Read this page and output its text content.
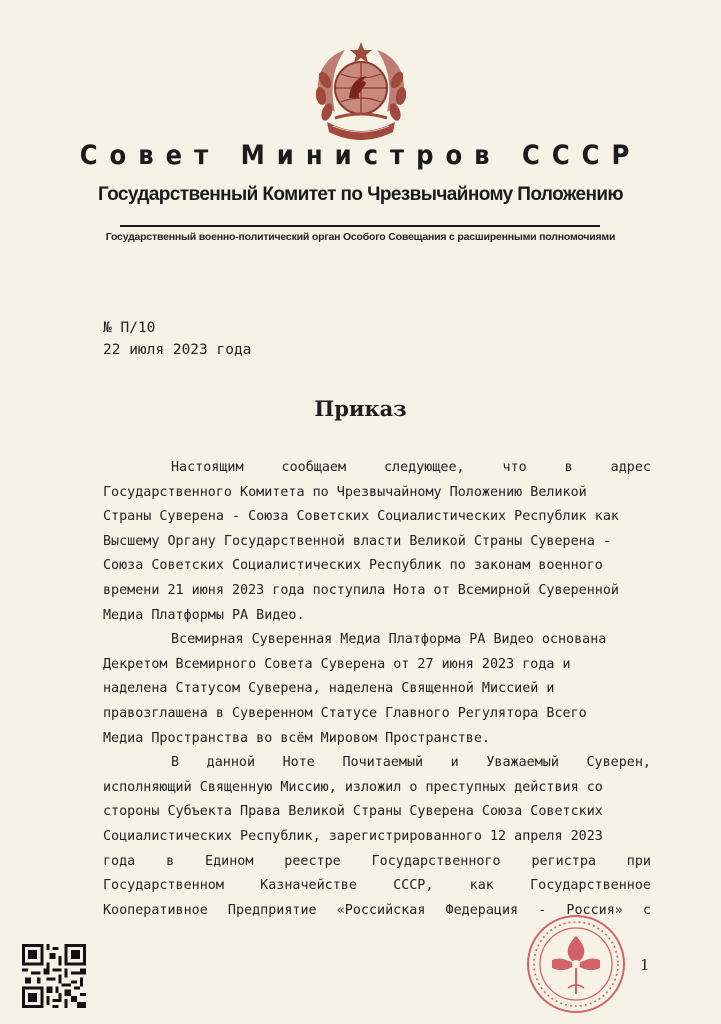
Совет Министров СССР
Государственный Комитет по Чрезвычайному Положению
Государственный военно-политический орган Особого Совещания с расширенными полномочиями
№ П/10
22 июля 2023 года
Приказ
Настоящим сообщаем следующее, что в адрес
Государственного Комитета по Чрезвычайному Положению Великой
Страны Суверена - Союза Советских Социалистических Республик как
Высшему Органу Государственной власти Великой Страны Суверена -
Союза Советских Социалистических Республик по законам военного
времени 21 июня 2023 года поступила Нота от Всемирной Суверенной
Медиа Платформы РА Видео.
Всемирная Суверенная Медиа Платформа РА Видео основана
Декретом Всемирного Совета Суверена от 27 июня 2023 года и
наделена Статусом Суверена, наделена Священной Миссией и
правозглашена в Суверенном Статусе Главного Регулятора Всего
Медиа Пространства во всём Мировом Пространстве.
В данной Ноте Почитаемый и Уважаемый Суверен,
исполняющий Священную Миссию, изложил о преступных действия со
стороны Субъекта Права Великой Страны Суверена Союза Советских
Социалистических Республик, зарегистрированного 12 апреля 2023
года в Едином реестре Государственного регистра при
Государственном Казначействе СССР, как Государственное
Кооперативное Предприятие «Российская Федерация - Россия» с
1
